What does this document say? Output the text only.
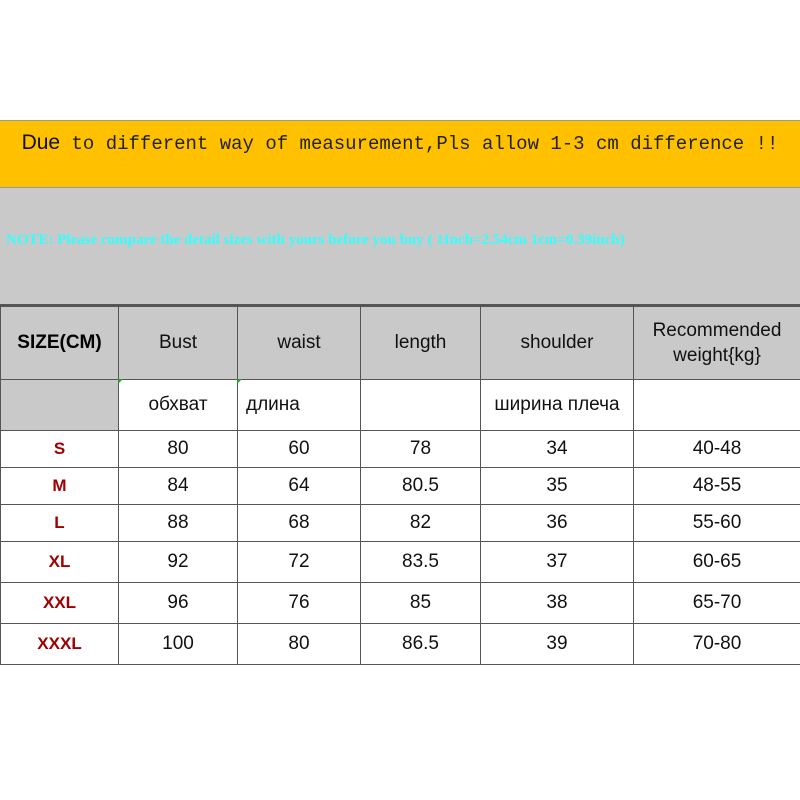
Due to different way of measurement,Pls allow 1-3 cm difference !!
NOTE: Please compare the detail sizes with yours before you buy ( 1Inch=2.54cm 1cm=0.39inch)
SIZE(CM)	Bust	waist	length	shoulder	Recommended weight{kg}
	обхват	длина		ширина плеча	
S	80	60	78	34	40-48
M	84	64	80.5	35	48-55
L	88	68	82	36	55-60
XL	92	72	83.5	37	60-65
XXL	96	76	85	38	65-70
XXXL	100	80	86.5	39	70-80
